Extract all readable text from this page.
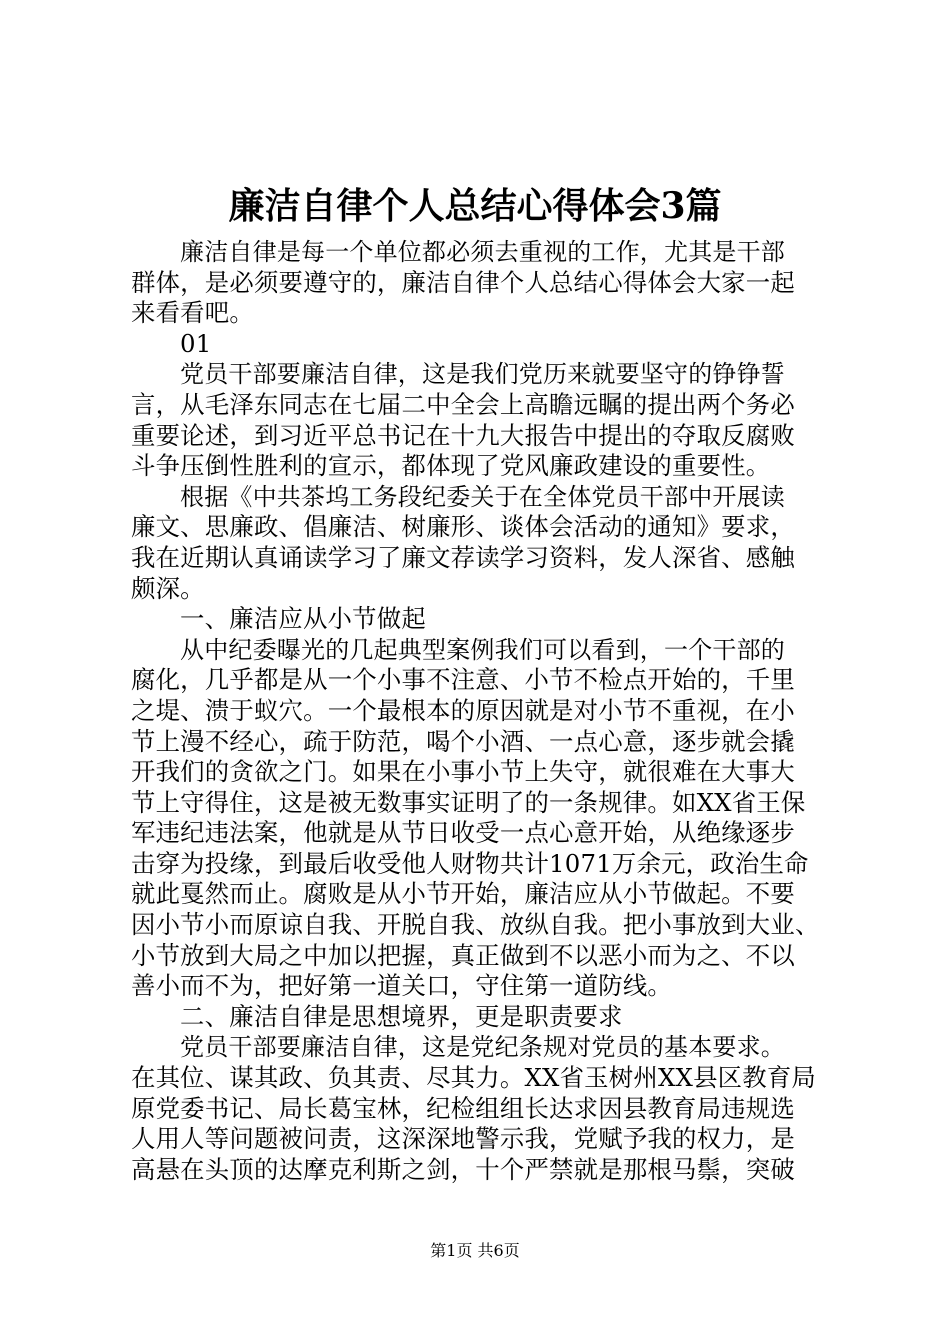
廉洁自律个人总结心得体会3篇
廉洁自律是每一个单位都必须去重视的工作，尤其是干部
群体，是必须要遵守的，廉洁自律个人总结心得体会大家一起
来看看吧。
01
党员干部要廉洁自律，这是我们党历来就要坚守的铮铮誓
言，从毛泽东同志在七届二中全会上高瞻远瞩的提出两个务必
重要论述，到习近平总书记在十九大报告中提出的夺取反腐败
斗争压倒性胜利的宣示，都体现了党风廉政建设的重要性。
根据《中共茶坞工务段纪委关于在全体党员干部中开展读
廉文、思廉政、倡廉洁、树廉形、谈体会活动的通知》要求，
我在近期认真诵读学习了廉文荐读学习资料，发人深省、感触
颇深。
一、廉洁应从小节做起
从中纪委曝光的几起典型案例我们可以看到，一个干部的
腐化，几乎都是从一个小事不注意、小节不检点开始的，千里
之堤、溃于蚁穴。一个最根本的原因就是对小节不重视，在小
节上漫不经心，疏于防范，喝个小酒、一点心意，逐步就会撬
开我们的贪欲之门。如果在小事小节上失守，就很难在大事大
节上守得住，这是被无数事实证明了的一条规律。如XX省王保
军违纪违法案，他就是从节日收受一点心意开始，从绝缘逐步
击穿为投缘，到最后收受他人财物共计1071万余元，政治生命
就此戛然而止。腐败是从小节开始，廉洁应从小节做起。不要
因小节小而原谅自我、开脱自我、放纵自我。把小事放到大业、
小节放到大局之中加以把握，真正做到不以恶小而为之、不以
善小而不为，把好第一道关口，守住第一道防线。
二、廉洁自律是思想境界，更是职责要求
党员干部要廉洁自律，这是党纪条规对党员的基本要求。
在其位、谋其政、负其责、尽其力。XX省玉树州XX县区教育局
原党委书记、局长葛宝林，纪检组组长达求因县教育局违规选
人用人等问题被问责，这深深地警示我，党赋予我的权力，是
高悬在头顶的达摩克利斯之剑，十个严禁就是那根马鬃，突破
第1页 共6页
